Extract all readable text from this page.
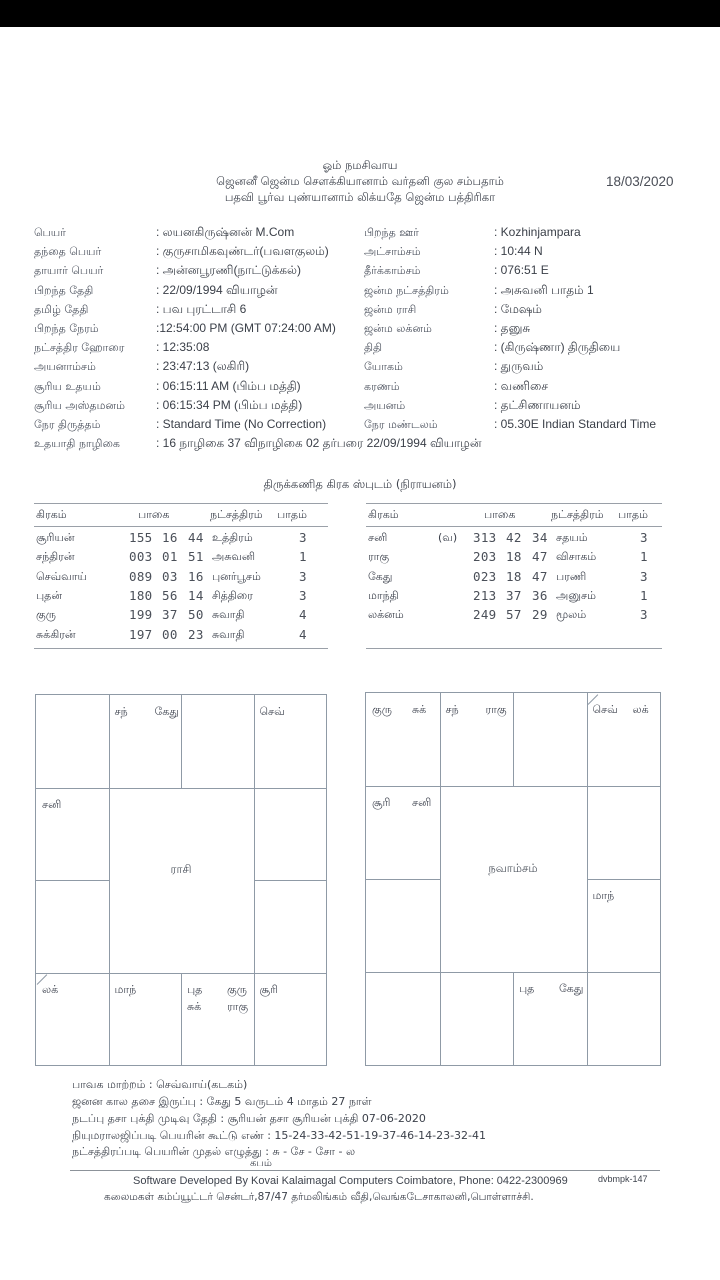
ஓம் நமசிவாய
ஜெனனீ ஜென்ம சௌக்கியானாம் வர்தனி குல சம்பதாம்
பதவி பூர்வ புண்யானாம் லிக்யதே ஜென்ம பத்திரிகா
18/03/2020
பெயர்	: லயனகிருஷ்னன் M.Com
தந்தை பெயர்	: குருசாமிகவுண்டர்(பவளகுலம்)
தாயார் பெயர்	: அன்னபூரணி(நாட்டுக்கல்)
பிறந்த தேதி	: 22/09/1994 வியாழன்
தமிழ் தேதி	: பவ புரட்டாசி 6
பிறந்த நேரம்	:12:54:00 PM (GMT 07:24:00 AM)
நட்சத்திர ஹோரை	: 12:35:08
அயனாம்சம்	: 23:47:13 (லகிரி)
சூரிய உதயம்	: 06:15:11 AM (பிம்ப மத்தி)
சூரிய அஸ்தமனம்	: 06:15:34 PM (பிம்ப மத்தி)
நேர திருத்தம்	: Standard Time (No Correction)
உதயாதி நாழிகை	: 16 நாழிகை 37 விநாழிகை 02 தர்பரை 22/09/1994 வியாழன்
பிறந்த ஊர்	: Kozhinjampara
அட்சாம்சம்	: 10:44 N
தீர்க்காம்சம்	: 076:51 E
ஜன்ம நட்சத்திரம்	: அசுவனி பாதம் 1
ஜன்ம ராசி	: மேஷம்
ஜன்ம லக்னம்	: தனுசு
திதி	: (கிருஷ்ணா) திருதியை
யோகம்	: துருவம்
கரணம்	: வணிசை
அயனம்	: தட்சிணாயனம்
நேர மண்டலம்	: 05.30E Indian Standard Time
திருக்கணித கிரக ஸ்புடம் (நிராயனம்)
கிரகம்	பாகை	நட்சத்திரம் பாதம்
சூரியன்	155 16 44 உத்திரம்	3
சந்திரன்	003 01 51 அசுவனி	1
செவ்வாய்	089 03 16 புனர்பூசம்	3
புதன்	180 56 14 சித்திரை	3
குரு	199 37 50 சுவாதி	4
சுக்கிரன்	197 00 23 சுவாதி	4
கிரகம்	பாகை	நட்சத்திரம் பாதம்
சனி	(வ) 313 42 34 சதயம்	3
ராகு	203 18 47 விசாகம்	1
கேது	023 18 47 பரணி	3
மாந்தி	213 37 36 அனுசம்	1
லக்னம்	249 57 29 மூலம்	3
சந் கேது	செவ்
சனி
லக்	மாந்	புத குரு
சுக் ராகு
சூரி
ராசி
குரு சுக் சந் ராகு	செவ் லக்
சூரி சனி
மாந்
புத கேது
நவாம்சம்
பாவக மாற்றம் : செவ்வாய்(கடகம்)
ஜனன கால தசை இருப்பு : கேது 5 வருடம் 4 மாதம் 27 நாள்
நடப்பு தசா புக்தி முடிவு தேதி : சூரியன் தசா சூரியன் புக்தி 07-06-2020
நியுமராலஜிப்படி பெயரின் கூட்டு எண் : 15-24-33-42-51-19-37-46-14-23-32-41
நட்சத்திரப்படி பெயரின் முதல் எழுத்து : சு - சே - சோ - ல
கபம்
Software Developed By Kovai Kalaimagal Computers Coimbatore, Phone: 0422-2300969	dvbmpk-147
கலைமகள் கம்ப்யூட்டர் சென்டர்,87/47 தர்மலிங்கம் வீதி,வெங்கடேசாகாலனி,பொள்ளாச்சி.
